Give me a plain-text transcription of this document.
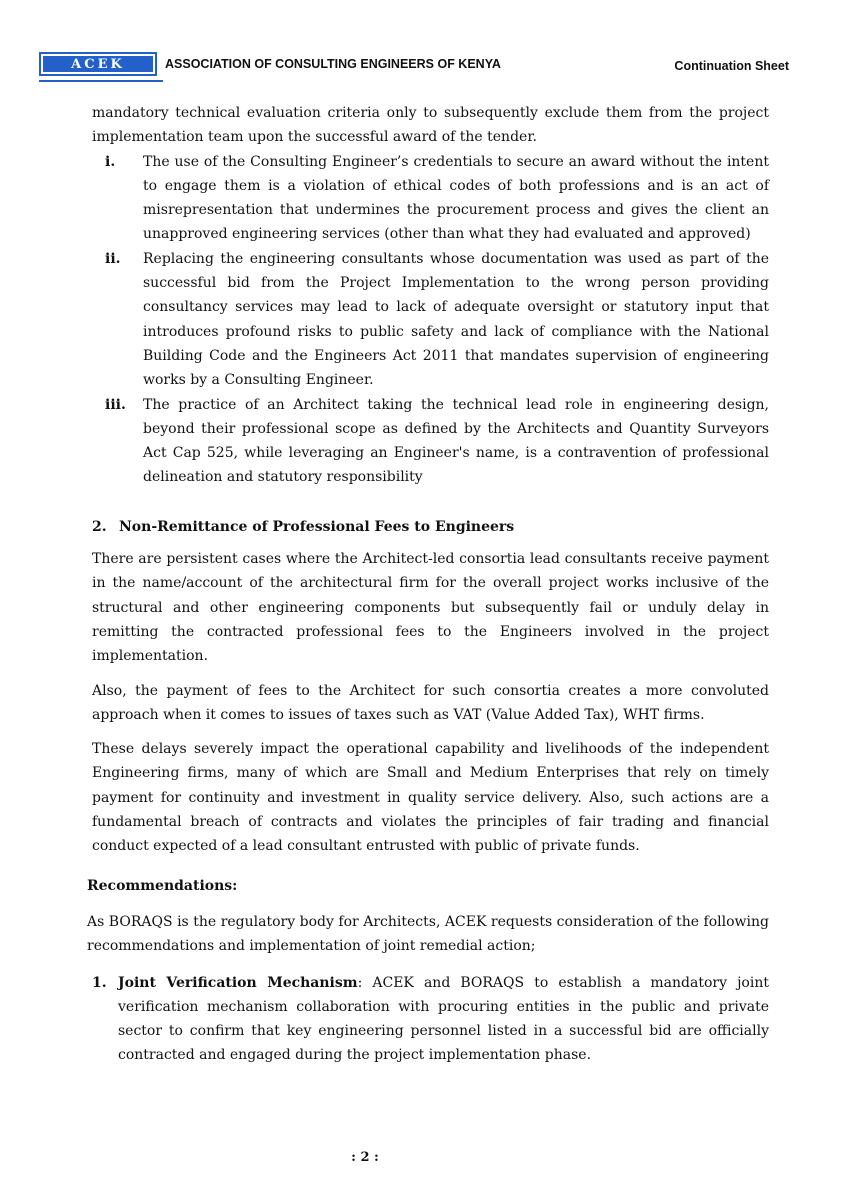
ACEK	ASSOCIATION OF CONSULTING ENGINEERS OF KENYA	Continuation Sheet

mandatory technical evaluation criteria only to subsequently exclude them from the project implementation team upon the successful award of the tender.

i.	The use of the Consulting Engineer’s credentials to secure an award without the intent to engage them is a violation of ethical codes of both professions and is an act of misrepresentation that undermines the procurement process and gives the client an unapproved engineering services (other than what they had evaluated and approved)
ii.	Replacing the engineering consultants whose documentation was used as part of the successful bid from the Project Implementation to the wrong person providing consultancy services may lead to lack of adequate oversight or statutory input that introduces profound risks to public safety and lack of compliance with the National Building Code and the Engineers Act 2011 that mandates supervision of engineering works by a Consulting Engineer.
iii.	The practice of an Architect taking the technical lead role in engineering design, beyond their professional scope as defined by the Architects and Quantity Surveyors Act Cap 525, while leveraging an Engineer's name, is a contravention of professional delineation and statutory responsibility

2. Non-Remittance of Professional Fees to Engineers

There are persistent cases where the Architect-led consortia lead consultants receive payment in the name/account of the architectural firm for the overall project works inclusive of the structural and other engineering components but subsequently fail or unduly delay in remitting the contracted professional fees to the Engineers involved in the project implementation.

Also, the payment of fees to the Architect for such consortia creates a more convoluted approach when it comes to issues of taxes such as VAT (Value Added Tax), WHT firms.

These delays severely impact the operational capability and livelihoods of the independent Engineering firms, many of which are Small and Medium Enterprises that rely on timely payment for continuity and investment in quality service delivery. Also, such actions are a fundamental breach of contracts and violates the principles of fair trading and financial conduct expected of a lead consultant entrusted with public of private funds.

Recommendations:

As BORAQS is the regulatory body for Architects, ACEK requests consideration of the following recommendations and implementation of joint remedial action;

1. Joint Verification Mechanism: ACEK and BORAQS to establish a mandatory joint verification mechanism collaboration with procuring entities in the public and private sector to confirm that key engineering personnel listed in a successful bid are officially contracted and engaged during the project implementation phase.
: 2 :
